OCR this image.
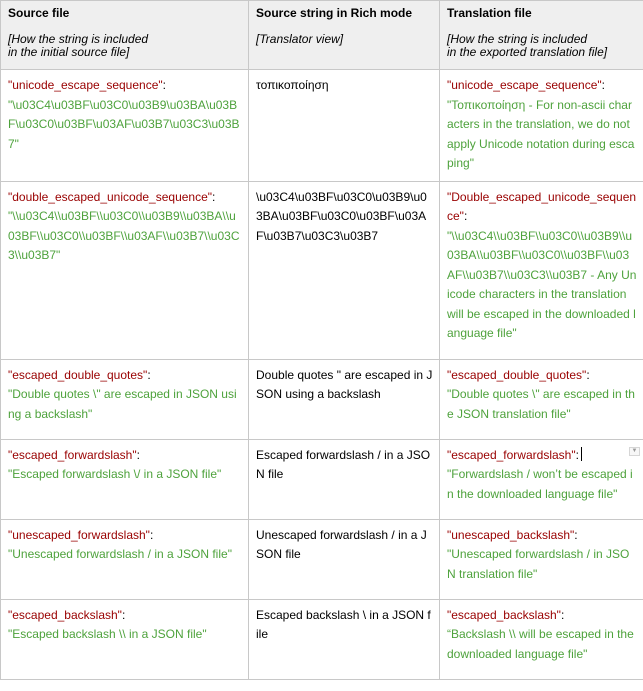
Source file
[How the string is included
in the initial source file]	Source string in Rich mode
[Translator view]	Translation file
[How the string is included
in the exported translation file]

"unicode_escape_sequence":
"\u03C4\u03BF\u03C0\u03B9\u03BA\u03BF\u03C0\u03BF\u03AF\u03B7\u03C3\u03B7"	τοπικοποίηση	"unicode_escape_sequence":
"Τοπικοποίηση - For non-ascii characters in the translation, we do not apply Unicode notation during escaping"

"double_escaped_unicode_sequence":
"\\u03C4\\u03BF\\u03C0\\u03B9\\u03BA\\u03BF\\u03C0\\u03BF\\u03AF\\u03B7\\u03C3\\u03B7"	\u03C4\u03BF\u03C0\u03B9\u03BA\u03BF\u03C0\u03BF\u03AF\u03B7\u03C3\u03B7	"Double_escaped_unicode_sequence":
"\\u03C4\\u03BF\\u03C0\\u03B9\\u03BA\\u03BF\\u03C0\\u03BF\\u03AF\\u03B7\\u03C3\\u03B7 - Any Unicode characters in the translation will be escaped in the downloaded language file"

"escaped_double_quotes":
"Double quotes \" are escaped in JSON using a backslash"	Double quotes " are escaped in JSON using a backslash	"escaped_double_quotes":
"Double quotes \" are escaped in the JSON translation file"

"escaped_forwardslash":
"Escaped forwardslash \/ in a JSON file"	Escaped forwardslash / in a JSON file	"escaped_forwardslash": ▼
"Forwardslash / won’t be escaped in the downloaded language file"

"unescaped_forwardslash":
"Unescaped forwardslash / in a JSON file"	Unescaped forwardslash / in a JSON file	"unescaped_backslash":
"Unescaped forwardslash / in JSON translation file"

"escaped_backslash":
"Escaped backslash \\ in a JSON file"	Escaped backslash \ in a JSON file	"escaped_backslash":
“Backslash \\ will be escaped in the downloaded language file"
